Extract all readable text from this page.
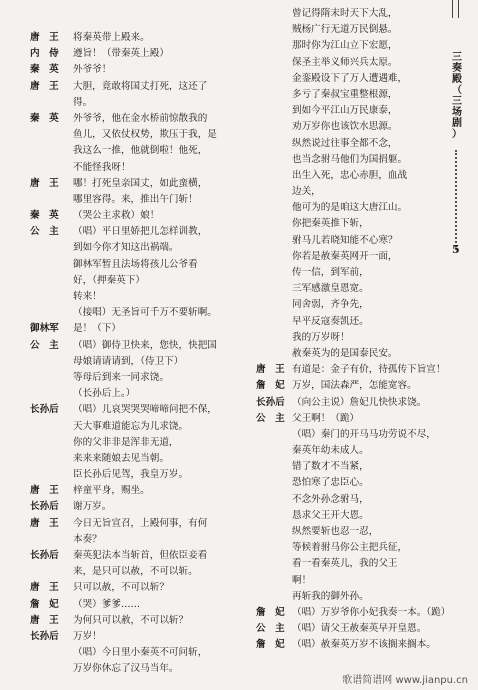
唐　王 将秦英带上殿来。
内　侍 遵旨！（带秦英上殿）
秦　英 外爷爷！
唐　王 大胆，竟敢将国丈打死，这还了
得。
秦　英 外爷爷，他在金水桥前惊散我的
鱼儿，又依仗权势，欺压于我，是
我这么一推，他就倒啦！他死，
不能怪我呀！
唐　王 哪！打死皇亲国丈，如此蛮横，
哪里容得。来，推出午门斩！
秦　英 （哭公主求救）娘！
公　主 （唱）平日里娇把儿怎样训教，
到如今你才知这出祸端。
御林军暂且法场将孩儿公爷看
好，（押秦英下）
转来！
（接唱）无圣旨可千万不要斩啊。
御林军 是！（下）
公　主 （唱）御侍卫快来，您快，快把国
母娘请请请到，（侍卫下）
等母后到来一同求饶。
（长孙后上。）
长孙后 （唱）儿哀哭哭哭啼啼问把不保，
天大事难道能忘为儿求饶。
你的父非非是浑非无道，
来来来随娘去见当朝。
臣长孙后见驾，我皇万岁。
唐　王 梓童平身，赐坐。
长孙后 谢万岁。
唐　王 今日无旨宣召，上殿何事，有何
本奏？
长孙后 秦英犯法本当斩首，但依臣妾看
来，是只可以赦，不可以斩。
唐　王 只可以赦，不可以斩？
詹　妃 （哭）爹爹……
唐　王 为何只可以赦，不可以斩？
长孙后 万岁！
（唱）今日里小秦英不可问斩，
万岁你休忘了汉马当年。
曾记得隋末时天下大乱，
贼杨广行无道万民倒悬。
那时你为江山立下宏愿，
保圣主举义师兴兵太原。
金銮殿设下了万人遭遇难，
多亏了秦叔宝重整根源，
到如今平江山万民康泰，
劝万岁你也该饮水思源。
纵然说过往事全都不念，
也当念驸马他们为国捐躯。
出生入死，忠心赤胆，血战
边关，
他可为的是咱这大唐江山。
你把秦英推下斩，
驸马儿若晓知能不心寒？
你若是赦秦英网开一面，
传一信，到军前，
三军感激皇恩宽。
同舍弱，齐争先，
早平反寇奏凯还。
我的万岁呀！
赦秦英为的是国泰民安。
唐　王 有道是：金子有价，待孤传下旨宣！
詹　妃 万岁，国法森严，怎能宽容。
长孙后 （向公主说）詹妃儿快快求饶。
公　主 父王啊！（跪）
（唱）秦门的开马马功劳说不尽，
秦英年幼未成人。
错了数才不当紧，
恐怕寒了忠臣心。
不念外孙念驸马，
恳求父王开大恩。
纵然要斩也忍一忍，
等候着驸马你公主把兵征，
看一看秦英儿，我的父王
啊！
再斩我的御外孙。
詹　妃 （唱）万岁爷你小妃我奏一本。（跪）
公　主 （唱）请父王赦秦英早开皇恩。
詹　妃 （唱）赦秦英万岁不该搁来搁本。
三
奏
殿
（
三
场
剧
）
5
歌谱简谱网 www.jianpu.cn
